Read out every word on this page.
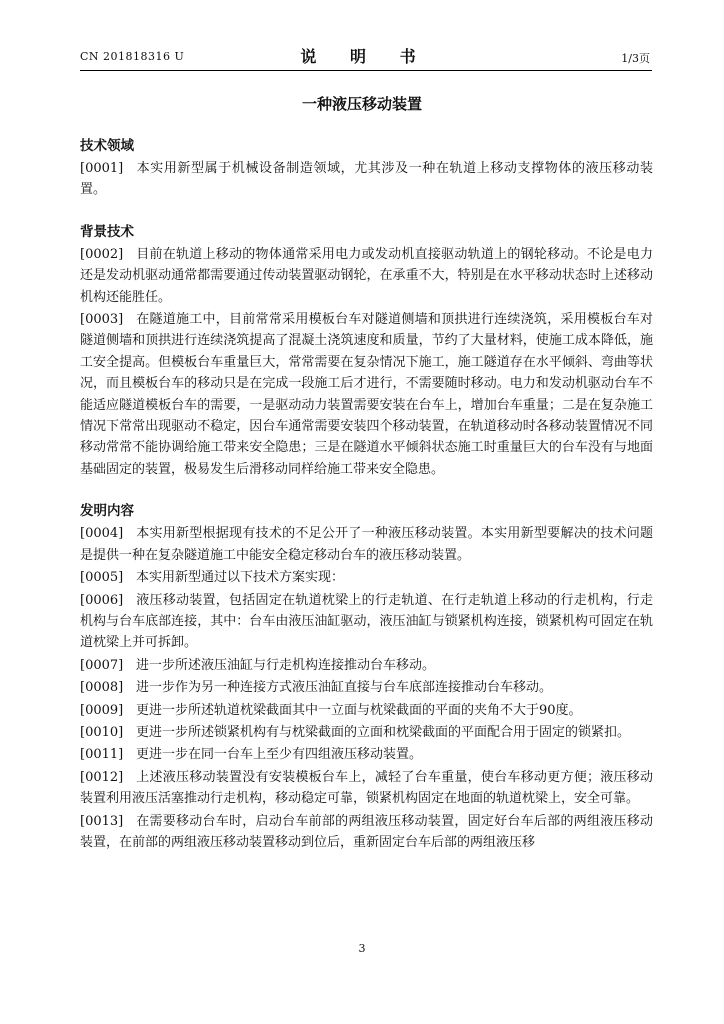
CN 201818316 U	说 明 书	1/3页
一种液压移动装置
技术领域

[0001] 本实用新型属于机械设备制造领域，尤其涉及一种在轨道上移动支撑物体的液压移动装置。

背景技术

[0002] 目前在轨道上移动的物体通常采用电力或发动机直接驱动轨道上的钢轮移动。不论是电力还是发动机驱动通常都需要通过传动装置驱动钢轮，在承重不大，特别是在水平移动状态时上述移动机构还能胜任。

[0003] 在隧道施工中，目前常常采用模板台车对隧道侧墙和顶拱进行连续浇筑，采用模板台车对隧道侧墙和顶拱进行连续浇筑提高了混凝土浇筑速度和质量，节约了大量材料，使施工成本降低，施工安全提高。但模板台车重量巨大，常常需要在复杂情况下施工，施工隧道存在水平倾斜、弯曲等状况，而且模板台车的移动只是在完成一段施工后才进行，不需要随时移动。电力和发动机驱动台车不能适应隧道模板台车的需要，一是驱动动力装置需要安装在台车上，增加台车重量；二是在复杂施工情况下常常出现驱动不稳定，因台车通常需要安装四个移动装置，在轨道移动时各移动装置情况不同移动常常不能协调给施工带来安全隐患；三是在隧道水平倾斜状态施工时重量巨大的台车没有与地面基础固定的装置，极易发生后滑移动同样给施工带来安全隐患。

发明内容

[0004] 本实用新型根据现有技术的不足公开了一种液压移动装置。本实用新型要解决的技术问题是提供一种在复杂隧道施工中能安全稳定移动台车的液压移动装置。

[0005] 本实用新型通过以下技术方案实现：

[0006] 液压移动装置，包括固定在轨道枕梁上的行走轨道、在行走轨道上移动的行走机构，行走机构与台车底部连接，其中：台车由液压油缸驱动，液压油缸与锁紧机构连接，锁紧机构可固定在轨道枕梁上并可拆卸。

[0007] 进一步所述液压油缸与行走机构连接推动台车移动。

[0008] 进一步作为另一种连接方式液压油缸直接与台车底部连接推动台车移动。

[0009] 更进一步所述轨道枕梁截面其中一立面与枕梁截面的平面的夹角不大于90度。

[0010] 更进一步所述锁紧机构有与枕梁截面的立面和枕梁截面的平面配合用于固定的锁紧扣。

[0011] 更进一步在同一台车上至少有四组液压移动装置。

[0012] 上述液压移动装置没有安装模板台车上，减轻了台车重量，使台车移动更方便；液压移动装置利用液压活塞推动行走机构，移动稳定可靠，锁紧机构固定在地面的轨道枕梁上，安全可靠。

[0013] 在需要移动台车时，启动台车前部的两组液压移动装置，固定好台车后部的两组液压移动装置，在前部的两组液压移动装置移动到位后，重新固定台车后部的两组液压移

3
